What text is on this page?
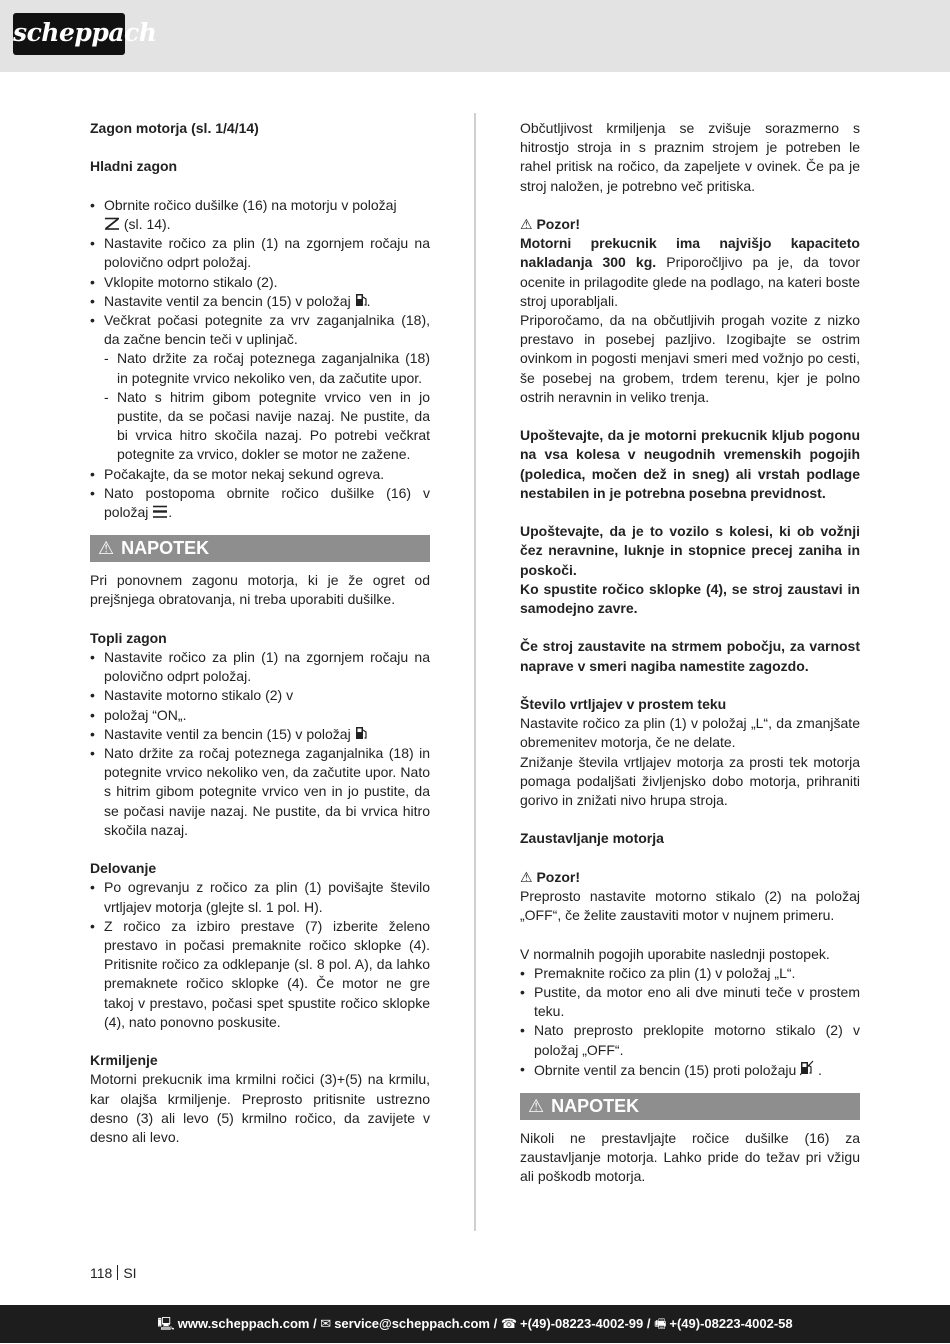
scheppach

Zagon motorja (sl. 1/4/14)

Hladni zagon

• Obrnite ročico dušilke (16) na motorju v položaj
(sl. 14).
• Nastavite ročico za plin (1) na zgornjem ročaju na polovično odprt položaj.
• Vklopite motorno stikalo (2).
• Nastavite ventil za bencin (15) v položaj .
• Večkrat počasi potegnite za vrv zaganjalnika (18), da začne bencin teči v uplinjač.
- Nato držite za ročaj poteznega zaganjalnika (18) in potegnite vrvico nekoliko ven, da začutite upor.
- Nato s hitrim gibom potegnite vrvico ven in jo pustite, da se počasi navije nazaj. Ne pustite, da bi vrvica hitro skočila nazaj. Po potrebi večkrat potegnite za vrvico, dokler se motor ne zažene.
• Počakajte, da se motor nekaj sekund ogreva.
• Nato postopoma obrnite ročico dušilke (16) v položaj .
⚠ NAPOTEK

Pri ponovnem zagonu motorja, ki je že ogret od prejšnjega obratovanja, ni treba uporabiti dušilke.

Topli zagon

• Nastavite ročico za plin (1) na zgornjem ročaju na polovično odprt položaj.
• Nastavite motorno stikalo (2) v
• položaj “ON„.
• Nastavite ventil za bencin (15) v položaj
• Nato držite za ročaj poteznega zaganjalnika (18) in potegnite vrvico nekoliko ven, da začutite upor. Nato s hitrim gibom potegnite vrvico ven in jo pustite, da se počasi navije nazaj. Ne pustite, da bi vrvica hitro skočila nazaj.

Delovanje

• Po ogrevanju z ročico za plin (1) povišajte število vrtljajev motorja (glejte sl. 1 pol. H).
• Z ročico za izbiro prestave (7) izberite želeno prestavo in počasi premaknite ročico sklopke (4). Pritisnite ročico za odklepanje (sl. 8 pol. A), da lahko premaknete ročico sklopke (4). Če motor ne gre takoj v prestavo, počasi spet spustite ročico sklopke (4), nato ponovno poskusite.

Krmiljenje

Motorni prekucnik ima krmilni ročici (3)+(5) na krmilu, kar olajša krmiljenje. Preprosto pritisnite ustrezno desno (3) ali levo (5) krmilno ročico, da zavijete v desno ali levo.

Občutljivost krmiljenja se zvišuje sorazmerno s hitrostjo stroja in s praznim strojem je potreben le rahel pritisk na ročico, da zapeljete v ovinek. Če pa je stroj naložen, je potrebno več pritiska.

⚠ Pozor!

Motorni prekucnik ima najvišjo kapaciteto nakladanja 300 kg. Priporočljivo pa je, da tovor ocenite in prilagodite glede na podlago, na kateri boste stroj uporabljali.

Priporočamo, da na občutljivih progah vozite z nizko prestavo in posebej pazljivo. Izogibajte se ostrim ovinkom in pogosti menjavi smeri med vožnjo po cesti, še posebej na grobem, trdem terenu, kjer je polno ostrih neravnin in veliko trenja.

Upoštevajte, da je motorni prekucnik kljub pogonu na vsa kolesa v neugodnih vremenskih pogojih (poledica, močen dež in sneg) ali vrstah podlage nestabilen in je potrebna posebna previdnost.

Upoštevajte, da je to vozilo s kolesi, ki ob vožnji čez neravnine, luknje in stopnice precej zaniha in poskoči.

Ko spustite ročico sklopke (4), se stroj zaustavi in samodejno zavre.

Če stroj zaustavite na strmem pobočju, za varnost naprave v smeri nagiba namestite zagozdo.

Število vrtljajev v prostem teku

Nastavite ročico za plin (1) v položaj „L“, da zmanjšate obremenitev motorja, če ne delate.

Znižanje števila vrtljajev motorja za prosti tek motorja pomaga podaljšati življenjsko dobo motorja, prihraniti gorivo in znižati nivo hrupa stroja.

Zaustavljanje motorja

⚠ Pozor!

Preprosto nastavite motorno stikalo (2) na položaj „OFF“, če želite zaustaviti motor v nujnem primeru.

V normalnih pogojih uporabite naslednji postopek.

• Premaknite ročico za plin (1) v položaj „L“.
• Pustite, da motor eno ali dve minuti teče v prostem teku.
• Nato preprosto preklopite motorno stikalo (2) v položaj „OFF“.
• Obrnite ventil za bencin (15) proti položaju .
⚠ NAPOTEK

Nikoli ne prestavljajte ročice dušilke (16) za zaustavljanje motorja. Lahko pride do težav pri vžigu ali poškodb motorja.

118 SI
🖳 www.scheppach.com / ✉ service@scheppach.com / ☎ +(49)-08223-4002-99 / 🖷 +(49)-08223-4002-58
